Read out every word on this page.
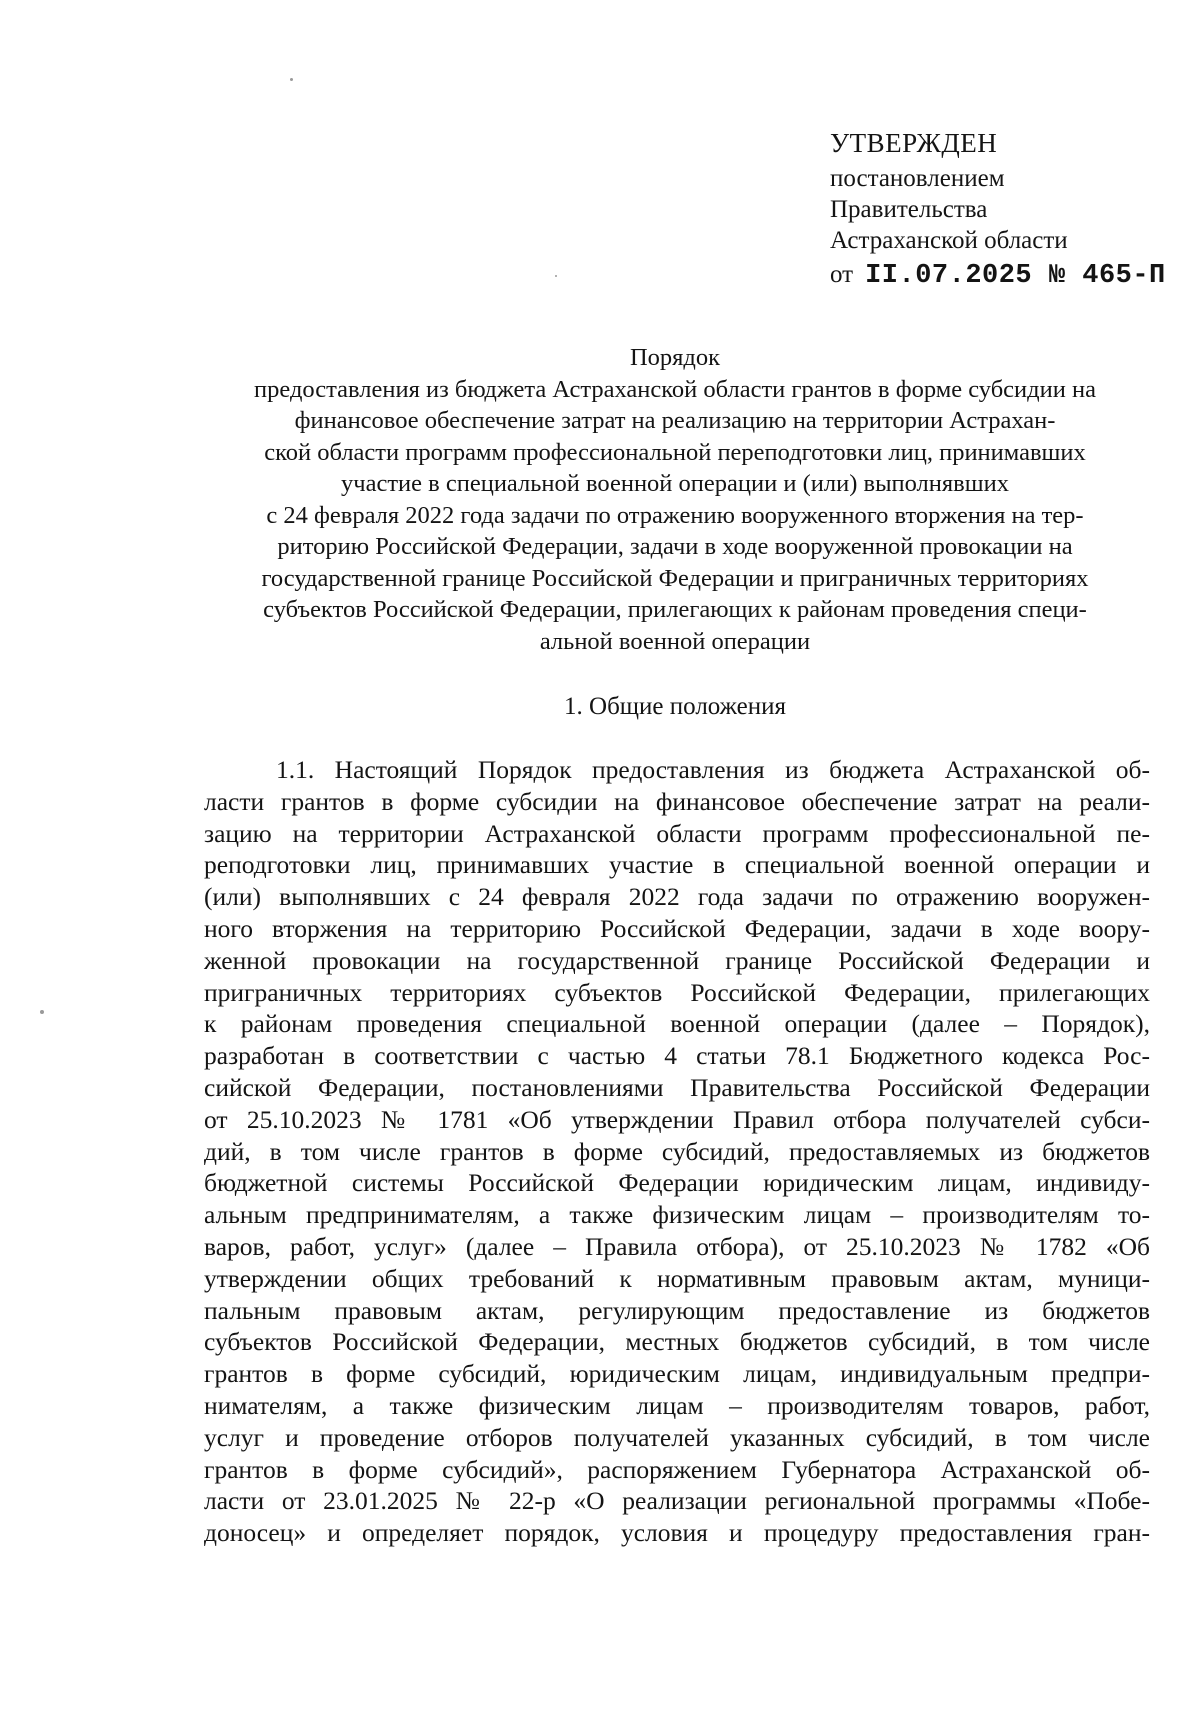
УТВЕРЖДЕН
постановлением
Правительства
Астраханской области
от II.07.2025 № 465-П
Порядок
предоставления из бюджета Астраханской области грантов в форме субсидии на
финансовое обеспечение затрат на реализацию на территории Астрахан-
ской области программ профессиональной переподготовки лиц, принимавших
участие в специальной военной операции и (или) выполнявших
с 24 февраля 2022 года задачи по отражению вооруженного вторжения на тер-
риторию Российской Федерации, задачи в ходе вооруженной провокации на
государственной границе Российской Федерации и приграничных территориях
субъектов Российской Федерации, прилегающих к районам проведения специ-
альной военной операции
1. Общие положения
1.1. Настоящий Порядок предоставления из бюджета Астраханской об-
ласти грантов в форме субсидии на финансовое обеспечение затрат на реали-
зацию на территории Астраханской области программ профессиональной пе-
реподготовки лиц, принимавших участие в специальной военной операции и
(или) выполнявших с 24 февраля 2022 года задачи по отражению вооружен-
ного вторжения на территорию Российской Федерации, задачи в ходе воору-
женной провокации на государственной границе Российской Федерации и
приграничных территориях субъектов Российской Федерации, прилегающих
к районам проведения специальной военной операции (далее – Порядок),
разработан в соответствии с частью 4 статьи 78.1 Бюджетного кодекса Рос-
сийской Федерации, постановлениями Правительства Российской Федерации
от 25.10.2023 № 1781 «Об утверждении Правил отбора получателей субси-
дий, в том числе грантов в форме субсидий, предоставляемых из бюджетов
бюджетной системы Российской Федерации юридическим лицам, индивиду-
альным предпринимателям, а также физическим лицам – производителям то-
варов, работ, услуг» (далее – Правила отбора), от 25.10.2023 № 1782 «Об
утверждении общих требований к нормативным правовым актам, муници-
пальным правовым актам, регулирующим предоставление из бюджетов
субъектов Российской Федерации, местных бюджетов субсидий, в том числе
грантов в форме субсидий, юридическим лицам, индивидуальным предпри-
нимателям, а также физическим лицам – производителям товаров, работ,
услуг и проведение отборов получателей указанных субсидий, в том числе
грантов в форме субсидий», распоряжением Губернатора Астраханской об-
ласти от 23.01.2025 № 22-р «О реализации региональной программы «Побе-
доносец» и определяет порядок, условия и процедуру предоставления гран-
